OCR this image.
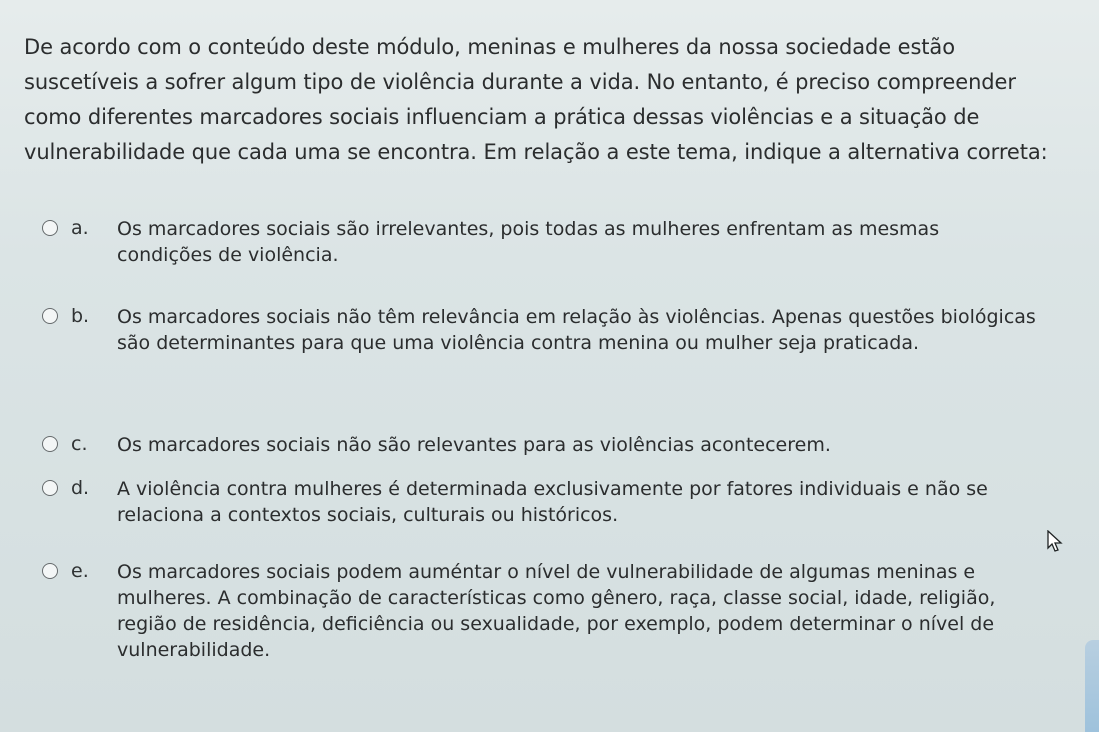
De acordo com o conteúdo deste módulo, meninas e mulheres da nossa sociedade estão suscetíveis a sofrer algum tipo de violência durante a vida. No entanto, é preciso compreender como diferentes marcadores sociais influenciam a prática dessas violências e a situação de vulnerabilidade que cada uma se encontra. Em relação a este tema, indique a alternativa correta:
a. Os marcadores sociais são irrelevantes, pois todas as mulheres enfrentam as mesmas condições de violência.
b. Os marcadores sociais não têm relevância em relação às violências. Apenas questões biológicas são determinantes para que uma violência contra menina ou mulher seja praticada.
c. Os marcadores sociais não são relevantes para as violências acontecerem.
d. A violência contra mulheres é determinada exclusivamente por fatores individuais e não se relaciona a contextos sociais, culturais ou históricos.
e. Os marcadores sociais podem auméntar o nível de vulnerabilidade de algumas meninas e mulheres. A combinação de características como gênero, raça, classe social, idade, religião, região de residência, deficiência ou sexualidade, por exemplo, podem determinar o nível de vulnerabilidade.
